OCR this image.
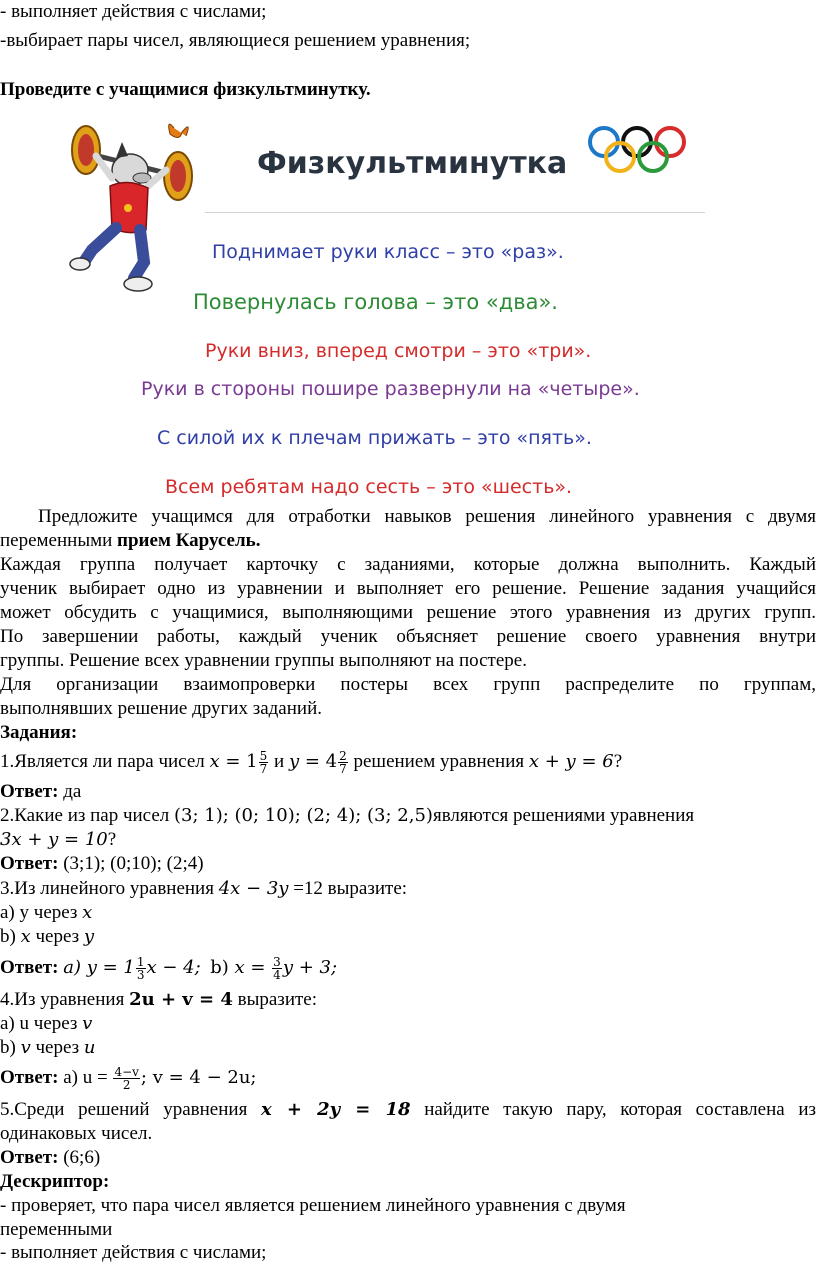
- выполняет действия с числами;
-выбирает пары чисел, являющиеся решением уравнения;
Проведите с учащимися физкультминутку.
Физкультминутка
Поднимает руки класс – это «раз».
Повернулась голова – это «два».
Руки вниз, вперед смотри – это «три».
Руки в стороны пошире развернули на «четыре».
С силой их к плечам прижать – это «пять».
Всем ребятам надо сесть – это «шесть».
Предложите учащимся для отработки навыков решения линейного уравнения с двумя
переменными прием Карусель.
Каждая группа получает карточку с заданиями, которые должна выполнить. Каждый
ученик выбирает одно из уравнении и выполняет его решение. Решение задания учащийся
может обсудить с учащимися, выполняющими решение этого уравнения из других групп.
По завершении работы, каждый ученик объясняет решение своего уравнения внутри
группы. Решение всех уравнении группы выполняют на постере.
Для организации взаимопроверки постеры всех групп распределите по группам,
выполнявших решение других заданий.
Задания:
1.Является ли пара чисел $x = 1 \frac{5}{7}$ и $y = 4 \frac{2}{7}$ решением уравнения x + y = 6?
Ответ: да
2.Какие из пар чисел (3; 1); (0; 10); (2; 4); (3; 2,5)являются решениями уравнения
3x + y = 10?
Ответ: (3;1); (0;10); (2;4)
3.Из линейного уравнения 4x − 3y =12 выразите:
а) у через x
b) x через y
Ответ: a) $y = 1 \frac{1}{3}$ x − 4; b) $x = \frac{3}{4}$ y + 3;
4.Из уравнения 2u + v = 4 выразите:
а) u через v
b) v через u
Ответ: а) $u = \frac{4-v}{2}$ ; v = 4 − 2u;
5.Среди решений уравнения x + 2y = 18 найдите такую пару, которая составлена из
одинаковых чисел.
Ответ: (6;6)
Дескриптор:
- проверяет, что пара чисел является решением линейного уравнения с двумя
переменными
- выполняет действия с числами;
